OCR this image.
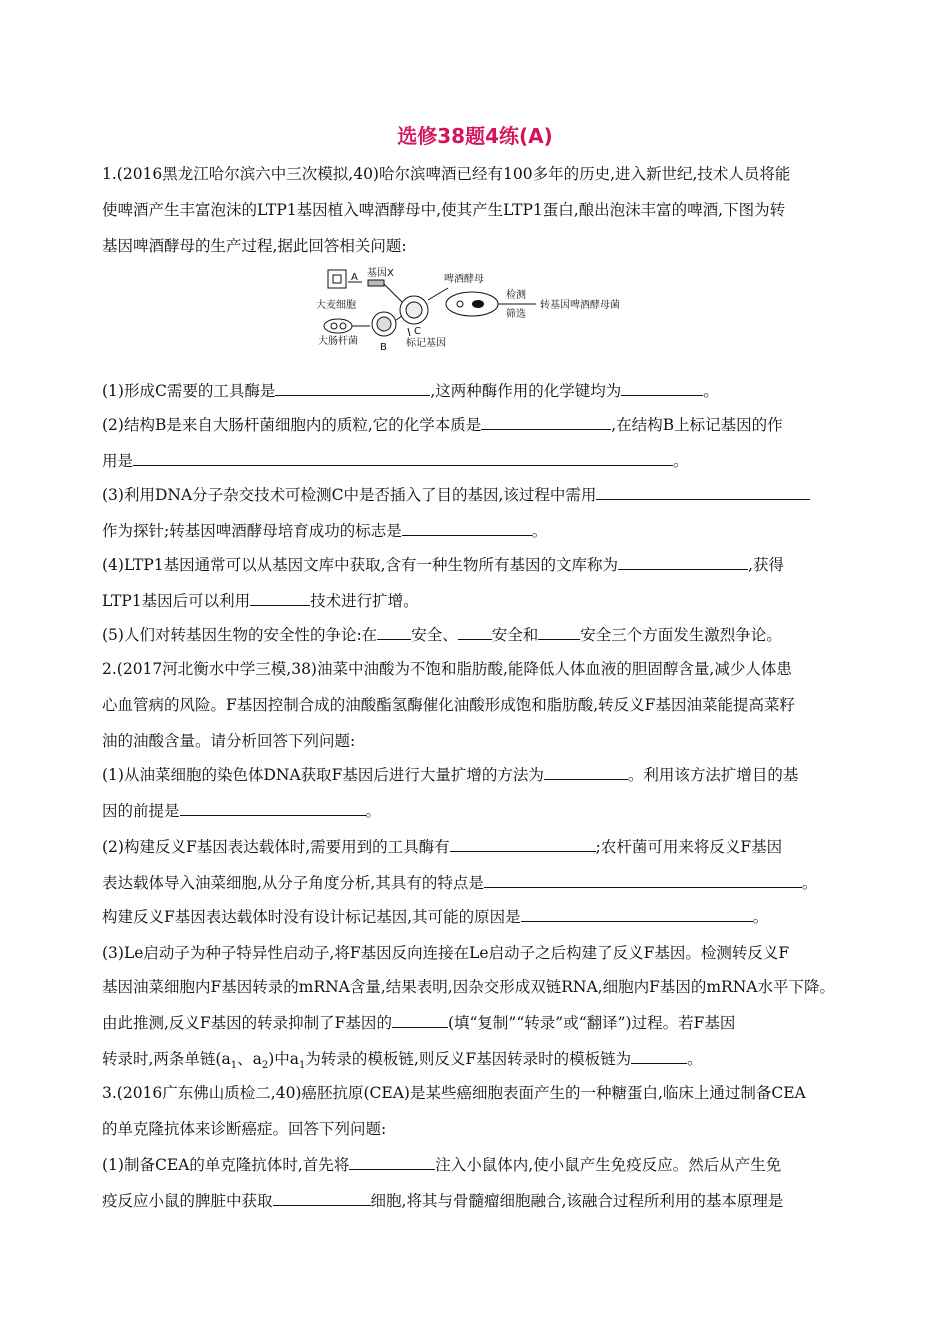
选修38题4练(A)
1.(2016黑龙江哈尔滨六中三次模拟,40)哈尔滨啤酒已经有100多年的历史,进入新世纪,技术人员将能
使啤酒产生丰富泡沫的LTP1基因植入啤酒酵母中,使其产生LTP1蛋白,酿出泡沫丰富的啤酒,下图为转
基因啤酒酵母的生产过程,据此回答相关问题:
A 基因X
大麦细胞
C
啤酒酵母
检测
筛选
转基因啤酒酵母菌
大肠杆菌
B 标记基因
(1)形成C需要的工具酶是	,这两种酶作用的化学键均为	。
(2)结构B是来自大肠杆菌细胞内的质粒,它的化学本质是	,在结构B上标记基因的作
用是	。
(3)利用DNA分子杂交技术可检测C中是否插入了目的基因,该过程中需用
作为探针;转基因啤酒酵母培育成功的标志是	。
(4)LTP1基因通常可以从基因文库中获取,含有一种生物所有基因的文库称为	,获得
LTP1基因后可以利用	技术进行扩增。
(5)人们对转基因生物的安全性的争论:在 安全、 安全和	安全三个方面发生激烈争论。
2.(2017河北衡水中学三模,38)油菜中油酸为不饱和脂肪酸,能降低人体血液的胆固醇含量,减少人体患
心血管病的风险。F基因控制合成的油酸酯氢酶催化油酸形成饱和脂肪酸,转反义F基因油菜能提高菜籽
油的油酸含量。请分析回答下列问题:
(1)从油菜细胞的染色体DNA获取F基因后进行大量扩增的方法为	。利用该方法扩增目的基
因的前提是	。
(2)构建反义F基因表达载体时,需要用到的工具酶有	;农杆菌可用来将反义F基因
表达载体导入油菜细胞,从分子角度分析,其具有的特点是	。
构建反义F基因表达载体时没有设计标记基因,其可能的原因是	。
(3)Le启动子为种子特异性启动子,将F基因反向连接在Le启动子之后构建了反义F基因。检测转反义F
基因油菜细胞内F基因转录的mRNA含量,结果表明,因杂交形成双链RNA,细胞内F基因的mRNA水平下降。
由此推测,反义F基因的转录抑制了F基因的	(填“复制”“转录”或“翻译”)过程。若F基因
转录时,两条单链($a_1$、$a_2$)中$a_1$为转录的模板链,则反义F基因转录时的模板链为	。
3.(2016广东佛山质检二,40)癌胚抗原(CEA)是某些癌细胞表面产生的一种糖蛋白,临床上通过制备CEA
的单克隆抗体来诊断癌症。回答下列问题:
(1)制备CEA的单克隆抗体时,首先将	注入小鼠体内,使小鼠产生免疫反应。然后从产生免
疫反应小鼠的脾脏中获取	细胞,将其与骨髓瘤细胞融合,该融合过程所利用的基本原理是
